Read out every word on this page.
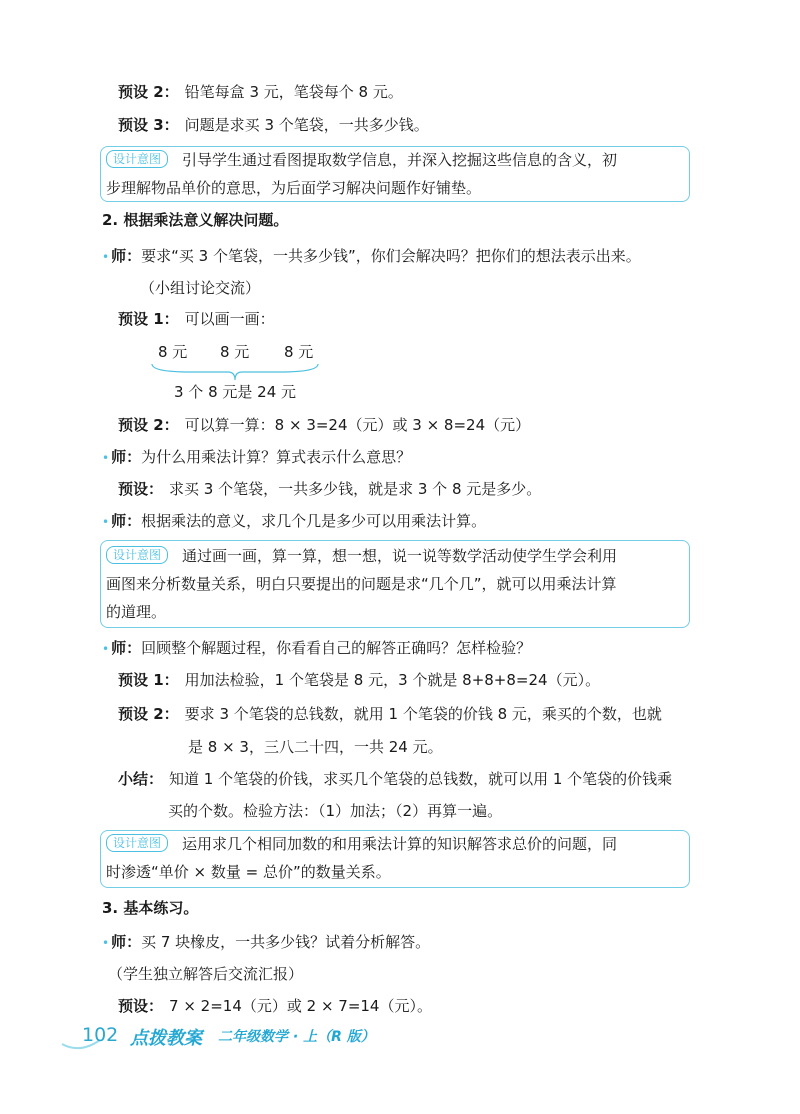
预设 2： 铅笔每盒 3 元，笔袋每个 8 元。
预设 3： 问题是求买 3 个笔袋，一共多少钱。
设计意图 引导学生通过看图提取数学信息，并深入挖掘这些信息的含义，初
步理解物品单价的意思，为后面学习解决问题作好铺垫。
2. 根据乘法意义解决问题。
• 师：要求“买 3 个笔袋，一共多少钱”，你们会解决吗？把你们的想法表示出来。
（小组讨论交流）
预设 1： 可以画一画：
8 元 8 元 8 元
3 个 8 元是 24 元
预设 2： 可以算一算：8 × 3=24（元）或 3 × 8=24（元）
• 师：为什么用乘法计算？算式表示什么意思？
预设： 求买 3 个笔袋，一共多少钱，就是求 3 个 8 元是多少。
• 师：根据乘法的意义，求几个几是多少可以用乘法计算。
设计意图 通过画一画，算一算，想一想，说一说等数学活动使学生学会利用
画图来分析数量关系，明白只要提出的问题是求“几个几”，就可以用乘法计算
的道理。
• 师：回顾整个解题过程，你看看自己的解答正确吗？怎样检验？
预设 1： 用加法检验，1 个笔袋是 8 元，3 个就是 8+8+8=24（元）。
预设 2： 要求 3 个笔袋的总钱数，就用 1 个笔袋的价钱 8 元，乘买的个数，也就
是 8 × 3，三八二十四，一共 24 元。
小结： 知道 1 个笔袋的价钱，求买几个笔袋的总钱数，就可以用 1 个笔袋的价钱乘
买的个数。检验方法：（1）加法；（2）再算一遍。
设计意图 运用求几个相同加数的和用乘法计算的知识解答求总价的问题，同
时渗透“单价 × 数量 = 总价”的数量关系。
3. 基本练习。
• 师：买 7 块橡皮，一共多少钱？试着分析解答。
（学生独立解答后交流汇报）
预设： 7 × 2=14（元）或 2 × 7=14（元）。
102 点拨教案 二年级数学 · 上（R 版）
